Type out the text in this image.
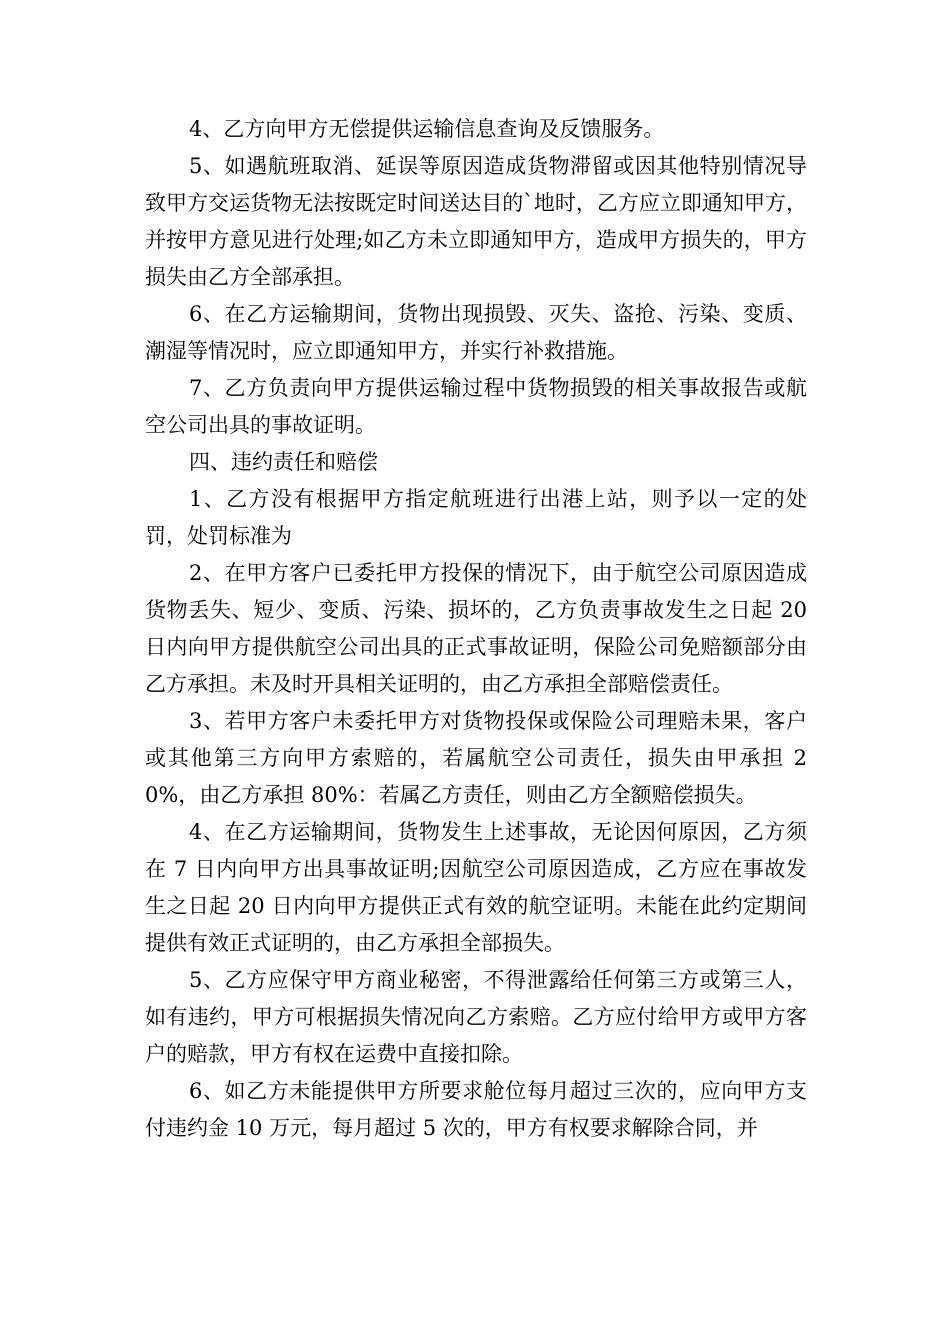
4、乙方向甲方无偿提供运输信息查询及反馈服务。

5、如遇航班取消、延误等原因造成货物滞留或因其他特别情况导致甲方交运货物无法按既定时间送达目的`地时，乙方应立即通知甲方，并按甲方意见进行处理;如乙方未立即通知甲方，造成甲方损失的，甲方损失由乙方全部承担。

6、在乙方运输期间，货物出现损毁、灭失、盗抢、污染、变质、潮湿等情况时，应立即通知甲方，并实行补救措施。

7、乙方负责向甲方提供运输过程中货物损毁的相关事故报告或航空公司出具的事故证明。

四、违约责任和赔偿

1、乙方没有根据甲方指定航班进行出港上站，则予以一定的处罚，处罚标准为

2、在甲方客户已委托甲方投保的情况下，由于航空公司原因造成货物丢失、短少、变质、污染、损坏的，乙方负责事故发生之日起 20 日内向甲方提供航空公司出具的正式事故证明，保险公司免赔额部分由乙方承担。未及时开具相关证明的，由乙方承担全部赔偿责任。

3、若甲方客户未委托甲方对货物投保或保险公司理赔未果，客户或其他第三方向甲方索赔的，若属航空公司责任，损失由甲承担 20%，由乙方承担 80%：若属乙方责任，则由乙方全额赔偿损失。

4、在乙方运输期间，货物发生上述事故，无论因何原因，乙方须在 7 日内向甲方出具事故证明;因航空公司原因造成，乙方应在事故发生之日起 20 日内向甲方提供正式有效的航空证明。未能在此约定期间提供有效正式证明的，由乙方承担全部损失。

5、乙方应保守甲方商业秘密，不得泄露给任何第三方或第三人，如有违约，甲方可根据损失情况向乙方索赔。乙方应付给甲方或甲方客户的赔款，甲方有权在运费中直接扣除。

6、如乙方未能提供甲方所要求舱位每月超过三次的，应向甲方支付违约金 10 万元，每月超过 5 次的，甲方有权要求解除合同，并
